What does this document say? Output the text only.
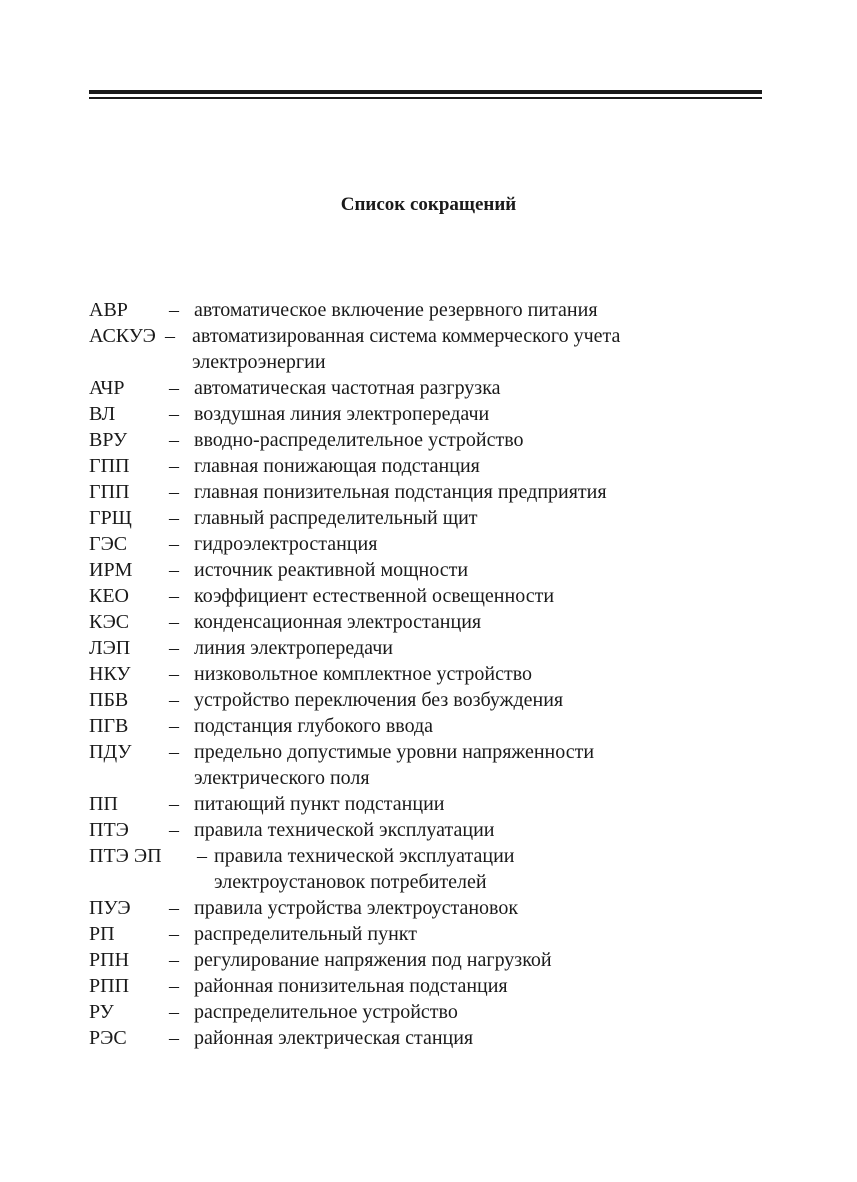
Список сокращений
АВР – автоматическое включение резервного питания
АСКУЭ – автоматизированная система коммерческого учета электроэнергии
АЧР – автоматическая частотная разгрузка
ВЛ	– воздушная линия электропередачи
ВРУ – вводно-распределительное устройство
ГПП – главная понижающая подстанция
ГПП – главная понизительная подстанция предприятия
ГРЩ – главный распределительный щит
ГЭС – гидроэлектростанция
ИРМ – источник реактивной мощности
КЕО – коэффициент естественной освещенности
КЭС – конденсационная электростанция
ЛЭП – линия электропередачи
НКУ – низковольтное комплектное устройство
ПБВ – устройство переключения без возбуждения
ПГВ – подстанция глубокого ввода
ПДУ – предельно допустимые уровни напряженности электрического поля
ПП	– питающий пункт подстанции
ПТЭ – правила технической эксплуатации
ПТЭ ЭП – правила технической эксплуатации электроустановок потребителей
ПУЭ – правила устройства электроустановок
РП	– распределительный пункт
РПН – регулирование напряжения под нагрузкой
РПП – районная понизительная подстанция
РУ	– распределительное устройство
РЭС – районная электрическая станция
